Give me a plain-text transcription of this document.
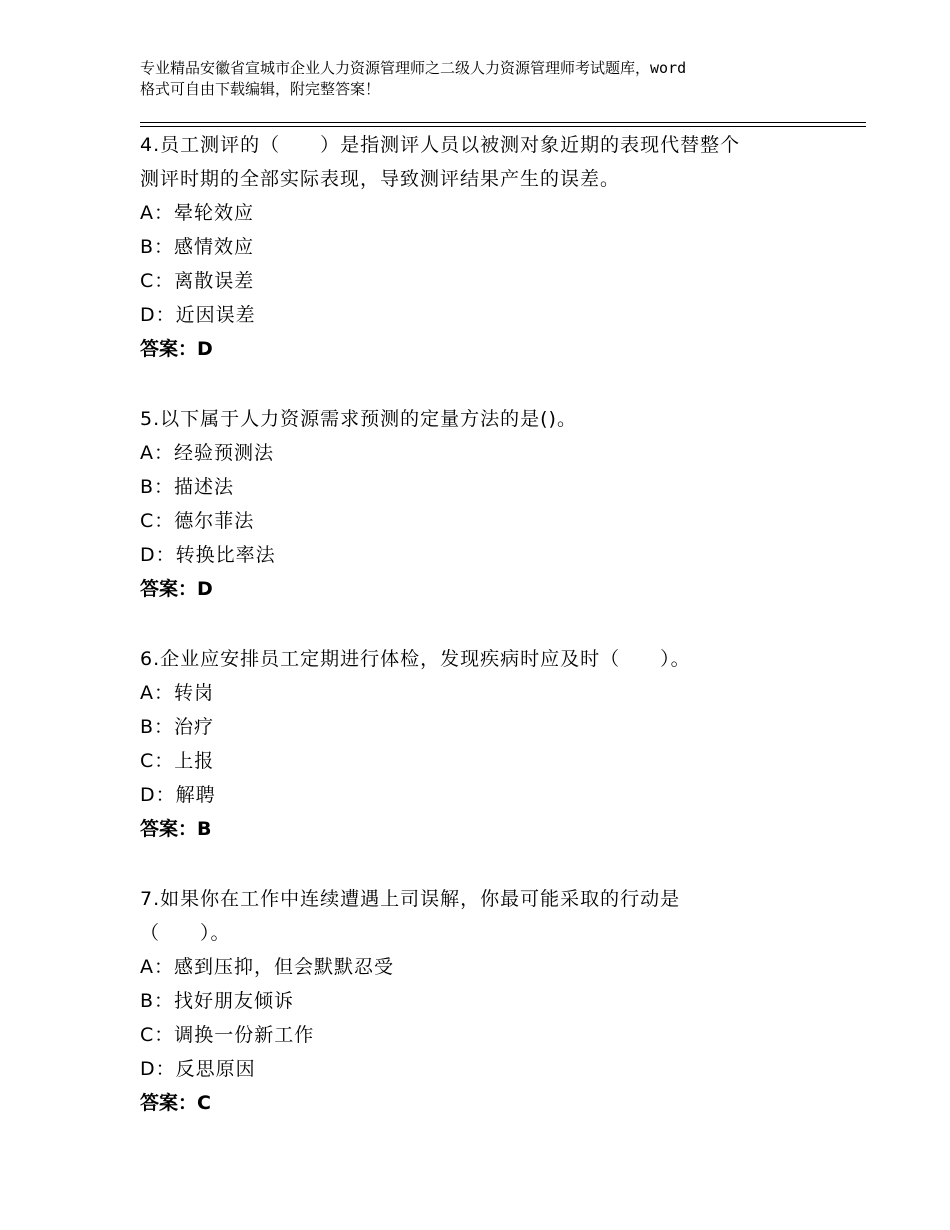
专业精品安徽省宣城市企业人力资源管理师之二级人力资源管理师考试题库，word
格式可自由下载编辑，附完整答案！
4.员工测评的（　　）是指测评人员以被测对象近期的表现代替整个
测评时期的全部实际表现，导致测评结果产生的误差。
A：晕轮效应
B：感情效应
C：离散误差
D：近因误差
答案：D
5.以下属于人力资源需求预测的定量方法的是()。
A：经验预测法
B：描述法
C：德尔菲法
D：转换比率法
答案：D
6.企业应安排员工定期进行体检，发现疾病时应及时（　　）。
A：转岗
B：治疗
C：上报
D：解聘
答案：B
7.如果你在工作中连续遭遇上司误解，你最可能采取的行动是
（　　）。
A：感到压抑，但会默默忍受
B：找好朋友倾诉
C：调换一份新工作
D：反思原因
答案：C
